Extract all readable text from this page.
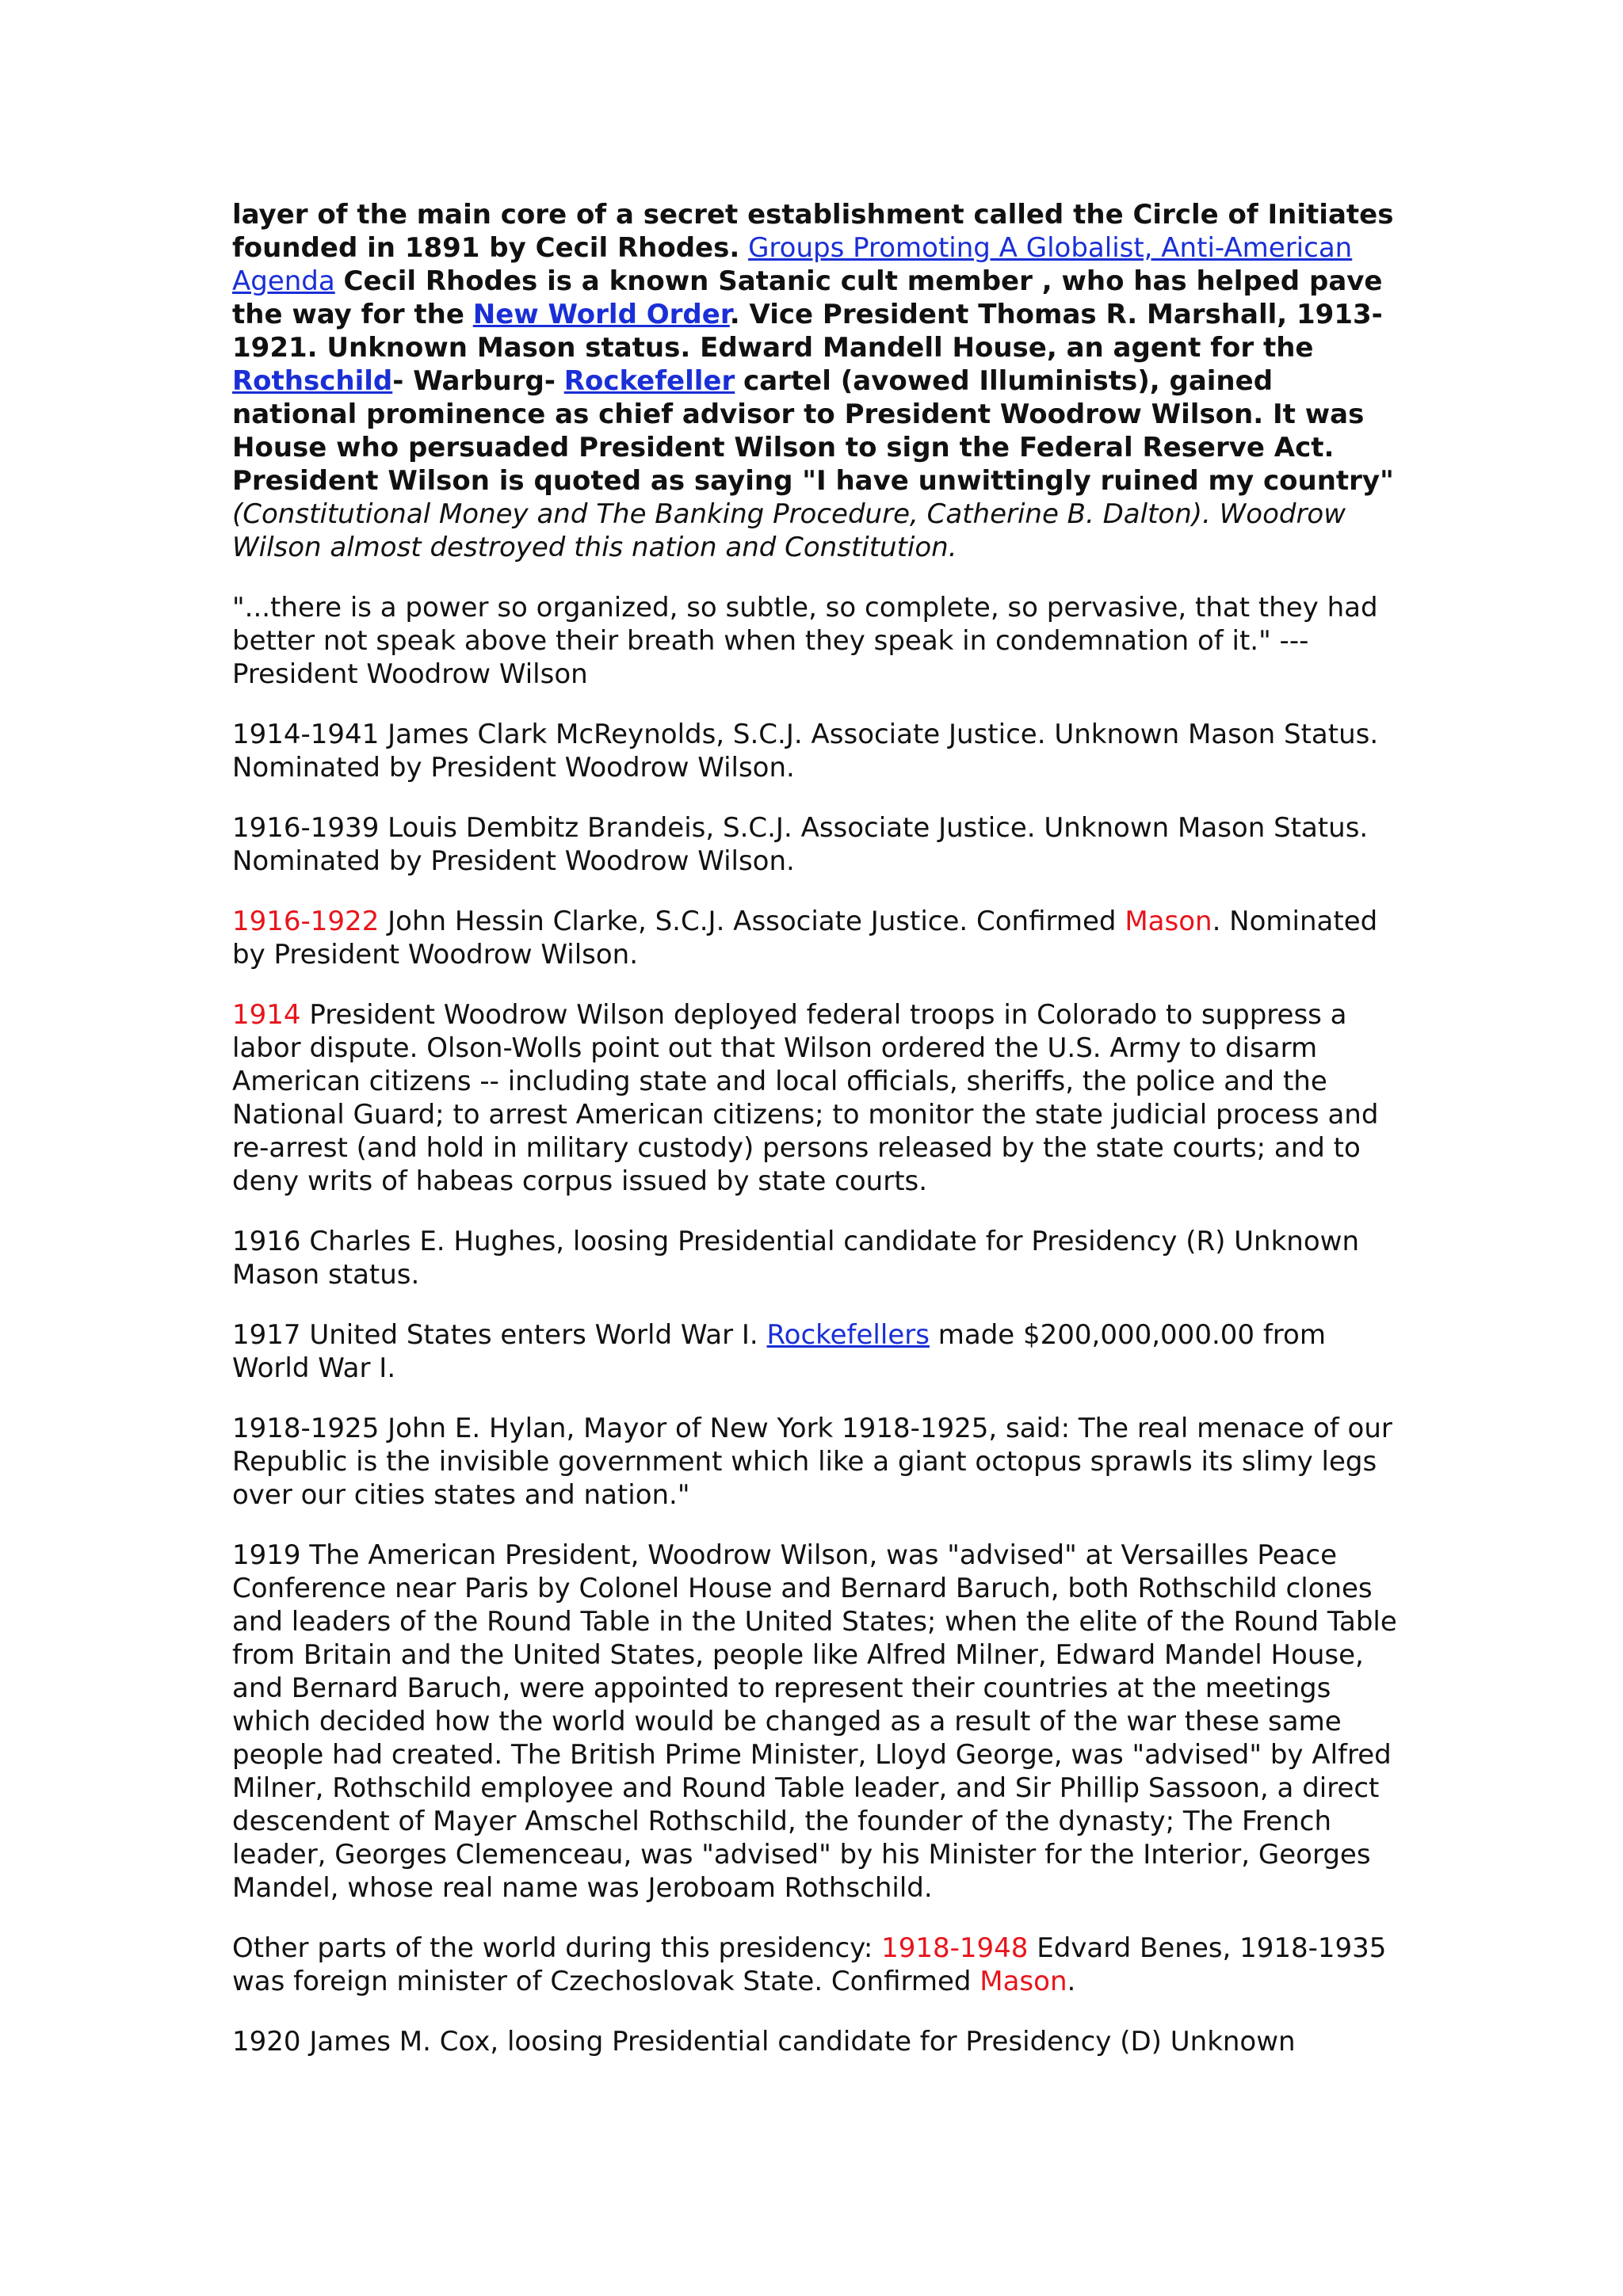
layer of the main core of a secret establishment called the Circle of Initiates founded in 1891 by Cecil Rhodes. Groups Promoting A Globalist, Anti-American Agenda Cecil Rhodes is a known Satanic cult member , who has helped pave the way for the New World Order. Vice President Thomas R. Marshall, 1913-1921. Unknown Mason status. Edward Mandell House, an agent for the Rothschild- Warburg- Rockefeller cartel (avowed Illuminists), gained national prominence as chief advisor to President Woodrow Wilson. It was House who persuaded President Wilson to sign the Federal Reserve Act. President Wilson is quoted as saying "I have unwittingly ruined my country" (Constitutional Money and The Banking Procedure, Catherine B. Dalton). Woodrow Wilson almost destroyed this nation and Constitution.

"...there is a power so organized, so subtle, so complete, so pervasive, that they had better not speak above their breath when they speak in condemnation of it." --- President Woodrow Wilson

1914-1941 James Clark McReynolds, S.C.J. Associate Justice. Unknown Mason Status. Nominated by President Woodrow Wilson.

1916-1939 Louis Dembitz Brandeis, S.C.J. Associate Justice. Unknown Mason Status. Nominated by President Woodrow Wilson.

1916-1922 John Hessin Clarke, S.C.J. Associate Justice. Confirmed Mason. Nominated by President Woodrow Wilson.

1914 President Woodrow Wilson deployed federal troops in Colorado to suppress a labor dispute. Olson-Wolls point out that Wilson ordered the U.S. Army to disarm American citizens -- including state and local officials, sheriffs, the police and the National Guard; to arrest American citizens; to monitor the state judicial process and re-arrest (and hold in military custody) persons released by the state courts; and to deny writs of habeas corpus issued by state courts.

1916 Charles E. Hughes, loosing Presidential candidate for Presidency (R) Unknown Mason status.

1917 United States enters World War I. Rockefellers made $200,000,000.00 from World War I.

1918-1925 John E. Hylan, Mayor of New York 1918-1925, said: The real menace of our Republic is the invisible government which like a giant octopus sprawls its slimy legs over our cities states and nation."

1919 The American President, Woodrow Wilson, was "advised" at Versailles Peace Conference near Paris by Colonel House and Bernard Baruch, both Rothschild clones and leaders of the Round Table in the United States; when the elite of the Round Table from Britain and the United States, people like Alfred Milner, Edward Mandel House, and Bernard Baruch, were appointed to represent their countries at the meetings which decided how the world would be changed as a result of the war these same people had created. The British Prime Minister, Lloyd George, was "advised" by Alfred Milner, Rothschild employee and Round Table leader, and Sir Phillip Sassoon, a direct descendent of Mayer Amschel Rothschild, the founder of the dynasty; The French leader, Georges Clemenceau, was "advised" by his Minister for the Interior, Georges Mandel, whose real name was Jeroboam Rothschild.

Other parts of the world during this presidency: 1918-1948 Edvard Benes, 1918-1935 was foreign minister of Czechoslovak State. Confirmed Mason.

1920 James M. Cox, loosing Presidential candidate for Presidency (D) Unknown
